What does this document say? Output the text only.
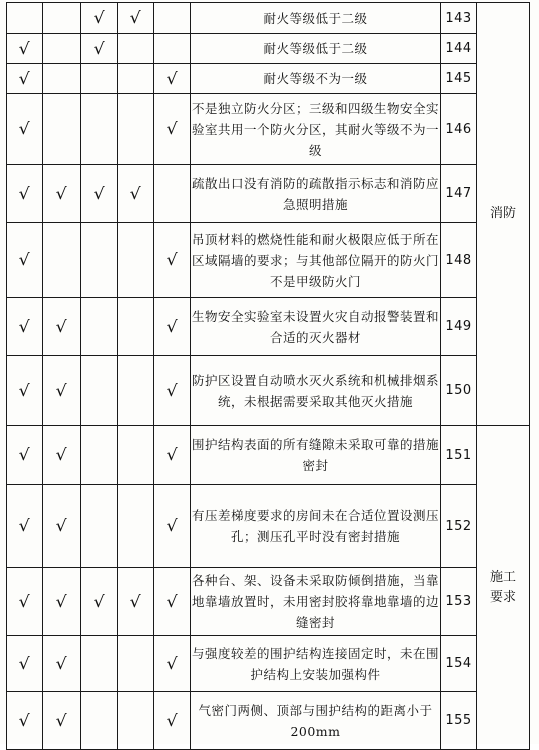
		√	√		耐火等级低于二级	143	消防
√		√			耐火等级低于二级	144	
√				√	耐火等级不为一级	145	
√				√	不是独立防火分区；三级和四级生物安全实验室共用一个防火分区，其耐火等级不为一级	146	
√	√	√	√		疏散出口没有消防的疏散指示标志和消防应急照明措施	147	
√				√	吊顶材料的燃烧性能和耐火极限应低于所在区域隔墙的要求；与其他部位隔开的防火门不是甲级防火门	148	
√	√			√	生物安全实验室未设置火灾自动报警装置和合适的灭火器材	149	
√	√			√	防护区设置自动喷水灭火系统和机械排烟系统，未根据需要采取其他灭火措施	150	
√	√			√	围护结构表面的所有缝隙未采取可靠的措施密封	151	施工要求
√	√			√	有压差梯度要求的房间未在合适位置设测压孔；测压孔平时没有密封措施	152	
√	√	√	√	√	各种台、架、设备未采取防倾倒措施，当靠地靠墙放置时，未用密封胶将靠地靠墙的边缝密封	153	
√	√			√	与强度较差的围护结构连接固定时，未在围护结构上安装加强构件	154	
√	√			√	气密门两侧、顶部与围护结构的距离小于200mm	155	
